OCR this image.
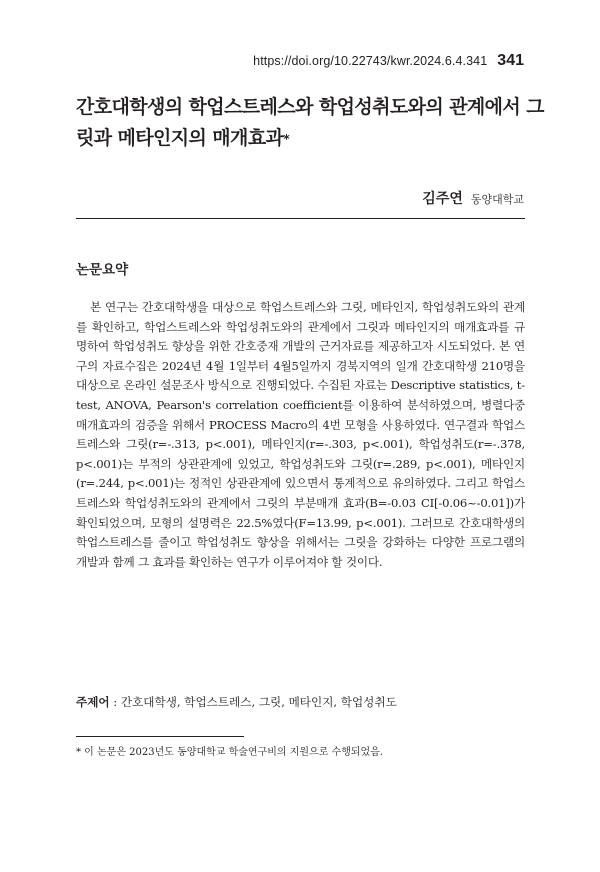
https://doi.org/10.22743/kwr.2024.6.4.341 341
간호대학생의 학업스트레스와 학업성취도와의 관계에서 그릿과 메타인지의 매개효과*
김주연 동양대학교
논문요약

본 연구는 간호대학생을 대상으로 학업스트레스와 그릿, 메타인지, 학업성취도와의 관계를 확인하고, 학업스트레스와 학업성취도와의 관계에서 그릿과 메타인지의 매개효과를 규명하여 학업성취도 향상을 위한 간호중재 개발의 근거자료를 제공하고자 시도되었다. 본 연구의 자료수집은 2024년 4월 1일부터 4월5일까지 경북지역의 일개 간호대학생 210명을 대상으로 온라인 설문조사 방식으로 진행되었다. 수집된 자료는 Descriptive statistics, t-test, ANOVA, Pearson's correlation coefficient를 이용하여 분석하였으며, 병렬다중 매개효과의 검증을 위해서 PROCESS Macro의 4번 모형을 사용하였다. 연구결과 학업스트레스와 그릿(r=-.313, p<.001), 메타인지(r=-.303, p<.001), 학업성취도(r=-.378, p<.001)는 부적의 상관관계에 있었고, 학업성취도와 그릿(r=.289, p<.001), 메타인지(r=.244, p<.001)는 정적인 상관관계에 있으면서 통계적으로 유의하였다. 그리고 학업스트레스와 학업성취도와의 관계에서 그릿의 부분매개 효과(B=-0.03 CI[-0.06~-0.01])가 확인되었으며, 모형의 설명력은 22.5%였다(F=13.99, p<.001). 그러므로 간호대학생의 학업스트레스를 줄이고 학업성취도 향상을 위해서는 그릿을 강화하는 다양한 프로그램의 개발과 함께 그 효과를 확인하는 연구가 이루어져야 할 것이다.

주제어 : 간호대학생, 학업스트레스, 그릿, 메타인지, 학업성취도

* 이 논문은 2023년도 동양대학교 학술연구비의 지원으로 수행되었음.
